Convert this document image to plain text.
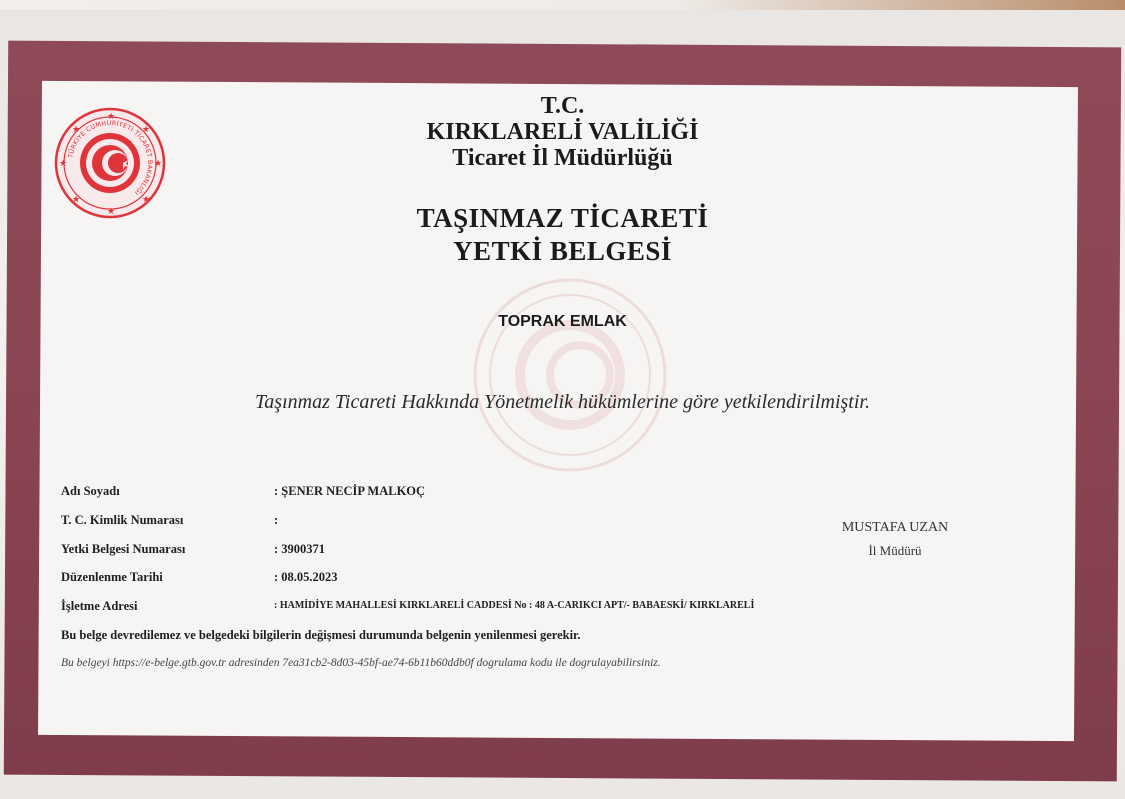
★
★
★	★
★	★
★	★
TÜRKİYE CUMHURİYETİ TİCARET BAKANLIĞI
T.C.
KIRKLARELİ VALİLİĞİ
Ticaret İl Müdürlüğü
TAŞINMAZ TİCARETİ
YETKİ BELGESİ
TOPRAK EMLAK
Taşınmaz Ticareti Hakkında Yönetmelik hükümlerine göre yetkilendirilmiştir.
Adı Soyadı	: ŞENER NECİP MALKOÇ
T. C. Kimlik Numarası	:
Yetki Belgesi Numarası	: 3900371
Düzenlenme Tarihi	: 08.05.2023
İşletme Adresi	: HAMİDİYE MAHALLESİ KIRKLARELİ CADDESİ No : 48 A-CARIKCI APT/- BABAESKİ/ KIRKLARELİ
MUSTAFA UZAN
İl Müdürü
Bu belge devredilemez ve belgedeki bilgilerin değişmesi durumunda belgenin yenilenmesi gerekir.
Bu belgeyi https://e-belge.gtb.gov.tr adresinden 7ea31cb2-8d03-45bf-ae74-6b11b60ddb0f dogrulama kodu ile dogrulayabilirsiniz.
